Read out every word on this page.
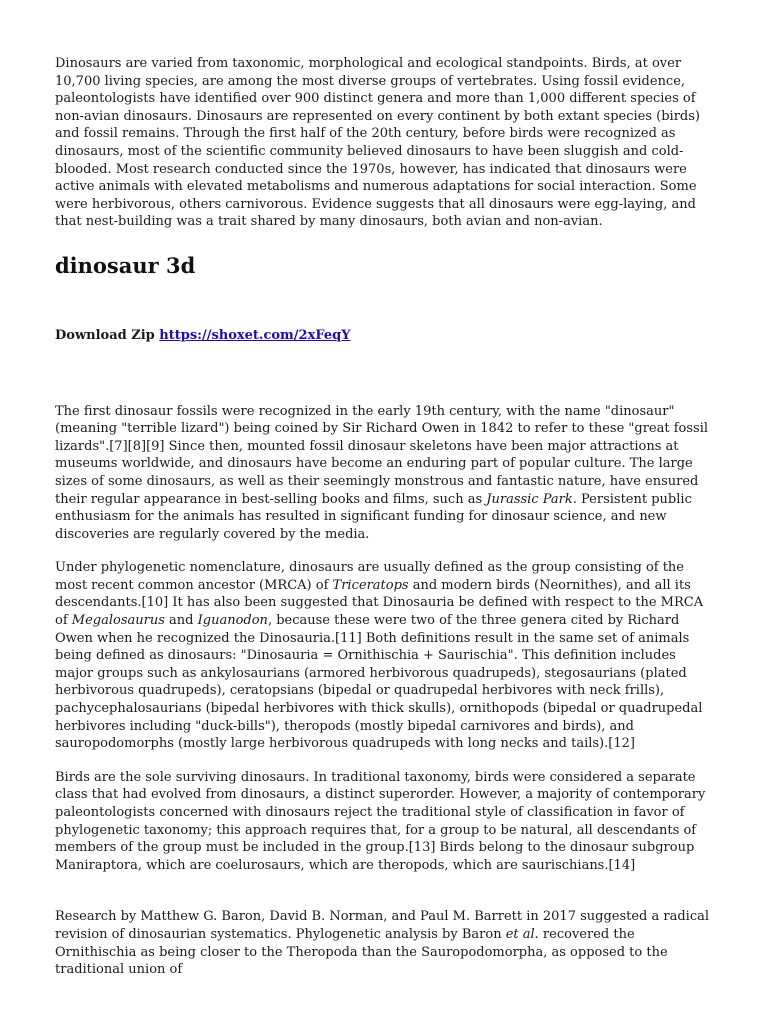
Dinosaurs are varied from taxonomic, morphological and ecological standpoints. Birds, at over 10,700 living species, are among the most diverse groups of vertebrates. Using fossil evidence, paleontologists have identified over 900 distinct genera and more than 1,000 different species of non-avian dinosaurs. Dinosaurs are represented on every continent by both extant species (birds) and fossil remains. Through the first half of the 20th century, before birds were recognized as dinosaurs, most of the scientific community believed dinosaurs to have been sluggish and cold-blooded. Most research conducted since the 1970s, however, has indicated that dinosaurs were active animals with elevated metabolisms and numerous adaptations for social interaction. Some were herbivorous, others carnivorous. Evidence suggests that all dinosaurs were egg-laying, and that nest-building was a trait shared by many dinosaurs, both avian and non-avian.

dinosaur 3d

Download Zip https://shoxet.com/2xFeqY

The first dinosaur fossils were recognized in the early 19th century, with the name "dinosaur" (meaning "terrible lizard") being coined by Sir Richard Owen in 1842 to refer to these "great fossil lizards".[7][8][9] Since then, mounted fossil dinosaur skeletons have been major attractions at museums worldwide, and dinosaurs have become an enduring part of popular culture. The large sizes of some dinosaurs, as well as their seemingly monstrous and fantastic nature, have ensured their regular appearance in best-selling books and films, such as Jurassic Park. Persistent public enthusiasm for the animals has resulted in significant funding for dinosaur science, and new discoveries are regularly covered by the media.

Under phylogenetic nomenclature, dinosaurs are usually defined as the group consisting of the most recent common ancestor (MRCA) of Triceratops and modern birds (Neornithes), and all its descendants.[10] It has also been suggested that Dinosauria be defined with respect to the MRCA of Megalosaurus and Iguanodon, because these were two of the three genera cited by Richard Owen when he recognized the Dinosauria.[11] Both definitions result in the same set of animals being defined as dinosaurs: "Dinosauria = Ornithischia + Saurischia". This definition includes major groups such as ankylosaurians (armored herbivorous quadrupeds), stegosaurians (plated herbivorous quadrupeds), ceratopsians (bipedal or quadrupedal herbivores with neck frills), pachycephalosaurians (bipedal herbivores with thick skulls), ornithopods (bipedal or quadrupedal herbivores including "duck-bills"), theropods (mostly bipedal carnivores and birds), and sauropodomorphs (mostly large herbivorous quadrupeds with long necks and tails).[12]

Birds are the sole surviving dinosaurs. In traditional taxonomy, birds were considered a separate class that had evolved from dinosaurs, a distinct superorder. However, a majority of contemporary paleontologists concerned with dinosaurs reject the traditional style of classification in favor of phylogenetic taxonomy; this approach requires that, for a group to be natural, all descendants of members of the group must be included in the group.[13] Birds belong to the dinosaur subgroup Maniraptora, which are coelurosaurs, which are theropods, which are saurischians.[14]

Research by Matthew G. Baron, David B. Norman, and Paul M. Barrett in 2017 suggested a radical revision of dinosaurian systematics. Phylogenetic analysis by Baron et al. recovered the Ornithischia as being closer to the Theropoda than the Sauropodomorpha, as opposed to the traditional union of
